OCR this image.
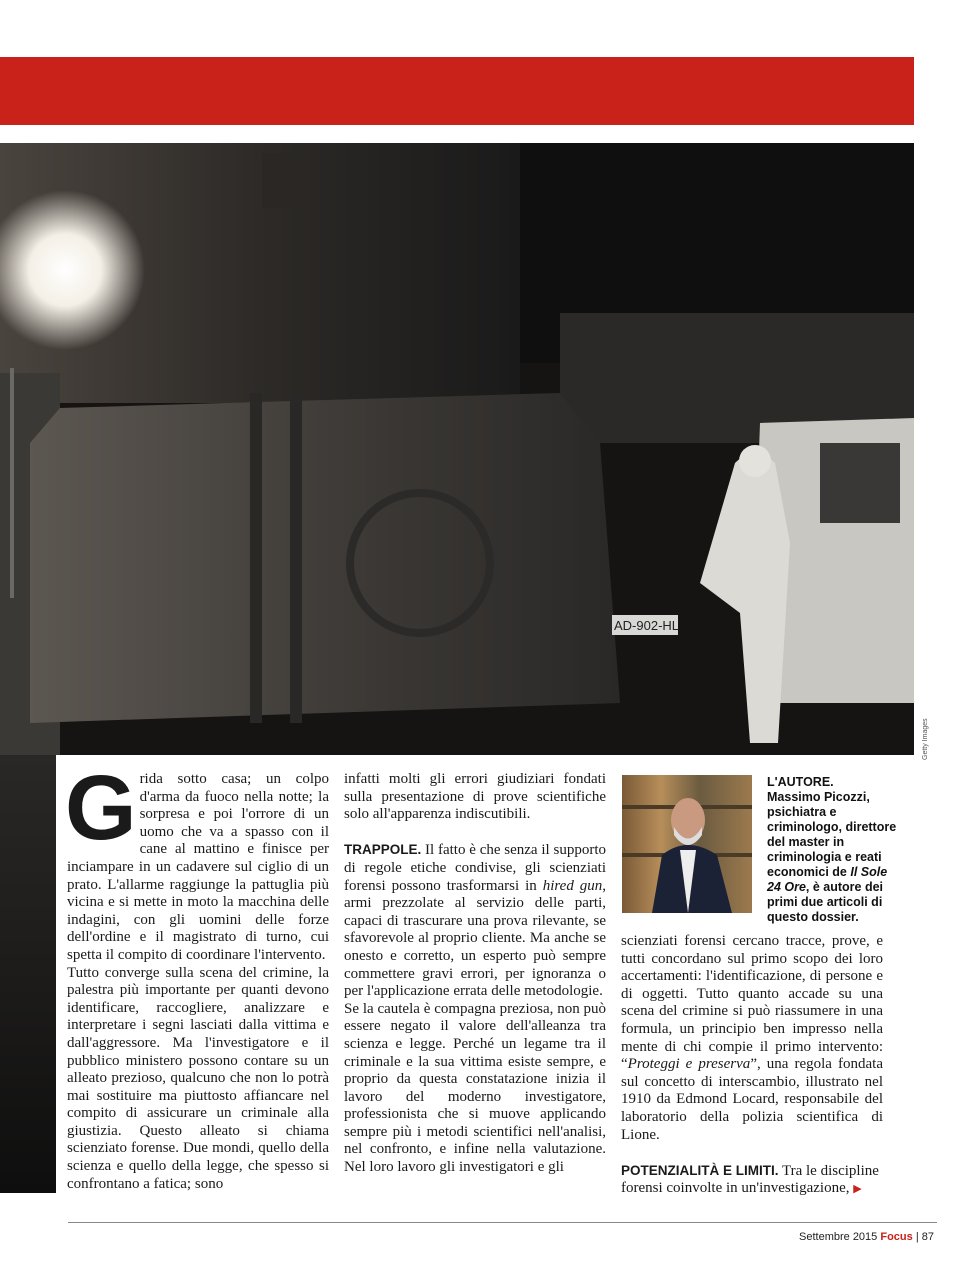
AD-902-HL
Getty Images
G rida sotto casa; un colpo d'arma da fuoco nella notte; la sorpresa e poi l'orrore di un uomo che va a spasso con il cane al mattino e finisce per inciampare in un cadavere sul ciglio di un prato. L'allarme raggiunge la pattuglia più vicina e si mette in moto la macchina delle indagini, con gli uomini delle forze dell'ordine e il magistrato di turno, cui spetta il compito di coordinare l'intervento.

Tutto converge sulla scena del crimine, la palestra più importante per quanti devono identificare, raccogliere, analizzare e interpretare i segni lasciati dalla vittima e dall'aggressore. Ma l'investigatore e il pubblico ministero possono contare su un alleato prezioso, qualcuno che non lo potrà mai sostituire ma piuttosto affiancare nel compito di assicurare un criminale alla giustizia. Questo alleato si chiama scienziato forense. Due mondi, quello della scienza e quello della legge, che spesso si confrontano a fatica; sono

infatti molti gli errori giudiziari fondati sulla presentazione di prove scientifiche solo all'apparenza indiscutibili.

TRAPPOLE. Il fatto è che senza il supporto di regole etiche condivise, gli scienziati forensi possono trasformarsi in hired gun, armi prezzolate al servizio delle parti, capaci di trascurare una prova rilevante, se sfavorevole al proprio cliente. Ma anche se onesto e corretto, un esperto può sempre commettere gravi errori, per ignoranza o per l'applicazione errata delle metodologie.

Se la cautela è compagna preziosa, non può essere negato il valore dell'alleanza tra scienza e legge. Perché un legame tra il criminale e la sua vittima esiste sempre, e proprio da questa constatazione inizia il lavoro del moderno investigatore, professionista che si muove applicando sempre più i metodi scientifici nell'analisi, nel confronto, e infine nella valutazione. Nel loro lavoro gli investigatori e gli

L'AUTORE.
Massimo Picozzi, psichiatra e criminologo, direttore del master in criminologia e reati economici de Il Sole 24 Ore, è autore dei primi due articoli di questo dossier.

scienziati forensi cercano tracce, prove, e tutti concordano sul primo scopo dei loro accertamenti: l'identificazione, di persone e di oggetti. Tutto quanto accade su una scena del crimine si può riassumere in una formula, un principio ben impresso nella mente di chi compie il primo intervento: “Proteggi e preserva”, una regola fondata sul concetto di interscambio, illustrato nel 1910 da Edmond Locard, responsabile del laboratorio della polizia scientifica di Lione.

POTENZIALITÀ E LIMITI. Tra le discipline forensi coinvolte in un'investigazione, ▶

Settembre 2015 Focus | 87
